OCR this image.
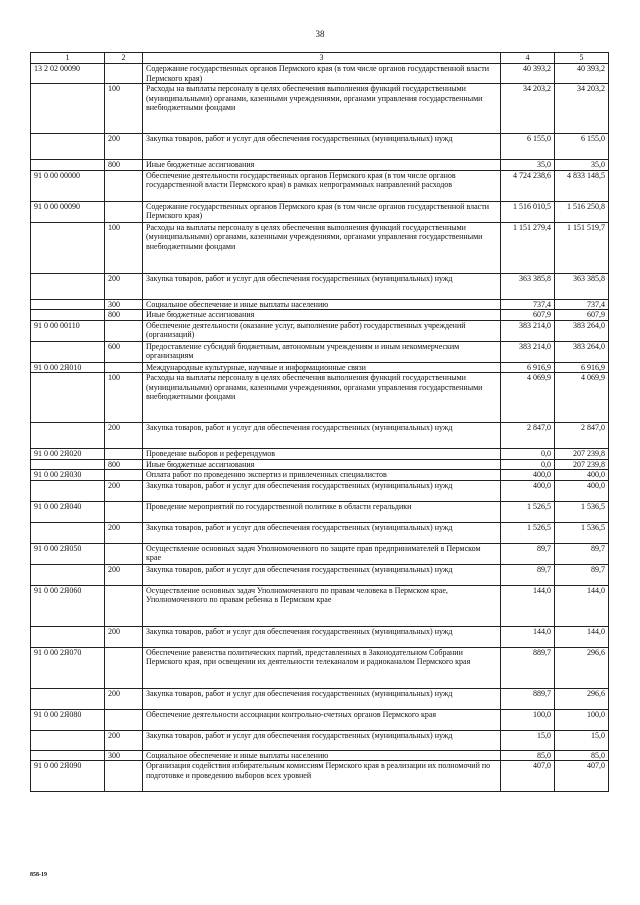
38
1	2	3	4	5
13 2 02 00090		Содержание государственных органов Пермского края (в том числе органов государственной власти Пермского края)	40 393,2	40 393,2
	100	Расходы на выплаты персоналу в целях обеспечения выполнения функций государственными (муниципальными) органами, казенными учреждениями, органами управления государственными внебюджетными фондами	34 203,2	34 203,2
	200	Закупка товаров, работ и услуг для обеспечения государственных (муниципальных) нужд	6 155,0	6 155,0
	800	Иные бюджетные ассигнования	35,0	35,0
91 0 00 00000		Обеспечение деятельности государственных органов Пермского края (в том числе органов государственной власти Пермского края) в рамках непрограммных направлений расходов	4 724 238,6	4 833 148,5
91 0 00 00090		Содержание государственных органов Пермского края (в том числе органов государственной власти Пермского края)	1 516 010,5	1 516 250,8
	100	Расходы на выплаты персоналу в целях обеспечения выполнения функций государственными (муниципальными) органами, казенными учреждениями, органами управления государственными внебюджетными фондами	1 151 279,4	1 151 519,7
	200	Закупка товаров, работ и услуг для обеспечения государственных (муниципальных) нужд	363 385,8	363 385,8
	300	Социальное обеспечение и иные выплаты населению	737,4	737,4
	800	Иные бюджетные ассигнования	607,9	607,9
91 0 00 00110		Обеспечение деятельности (оказание услуг, выполнение работ) государственных учреждений (организаций)	383 214,0	383 264,0
	600	Предоставление субсидий бюджетным, автономным учреждениям и иным некоммерческим организациям	383 214,0	383 264,0
91 0 00 2Я010		Международные культурные, научные и информационные связи	6 916,9	6 916,9
	100	Расходы на выплаты персоналу в целях обеспечения выполнения функций государственными (муниципальными) органами, казенными учреждениями, органами управления государственными внебюджетными фондами	4 069,9	4 069,9
	200	Закупка товаров, работ и услуг для обеспечения государственных (муниципальных) нужд	2 847,0	2 847,0
91 0 00 2Я020		Проведение выборов и референдумов	0,0	207 239,8
	800	Иные бюджетные ассигнования	0,0	207 239,8
91 0 00 2Я030		Оплата работ по проведению экспертиз и привлеченных специалистов	400,0	400,0
	200	Закупка товаров, работ и услуг для обеспечения государственных (муниципальных) нужд	400,0	400,0
91 0 00 2Я040		Проведение мероприятий по государственной политике в области геральдики	1 526,5	1 536,5
	200	Закупка товаров, работ и услуг для обеспечения государственных (муниципальных) нужд	1 526,5	1 536,5
91 0 00 2Я050		Осуществление основных задач Уполномоченного по защите прав предпринимателей в Пермском крае	89,7	89,7
	200	Закупка товаров, работ и услуг для обеспечения государственных (муниципальных) нужд	89,7	89,7
91 0 00 2Я060		Осуществление основных задач Уполномоченного по правам человека в Пермском крае, Уполномоченного по правам ребенка в Пермском крае	144,0	144,0
	200	Закупка товаров, работ и услуг для обеспечения государственных (муниципальных) нужд	144,0	144,0
91 0 00 2Я070		Обеспечение равенства политических партий, представленных в Законодательном Собрании Пермского края, при освещении их деятельности телеканалом и радиоканалом Пермского края	889,7	296,6
	200	Закупка товаров, работ и услуг для обеспечения государственных (муниципальных) нужд	889,7	296,6
91 0 00 2Я080		Обеспечение деятельности ассоциации контрольно-счетных органов Пермского края	100,0	100,0
	200	Закупка товаров, работ и услуг для обеспечения государственных (муниципальных) нужд	15,0	15,0
	300	Социальное обеспечение и иные выплаты населению	85,0	85,0
91 0 00 2Я090		Организация содействия избирательным комиссиям Пермского края в реализации их полномочий по подготовке и проведению выборов всех уровней	407,0	407,0
858-19
